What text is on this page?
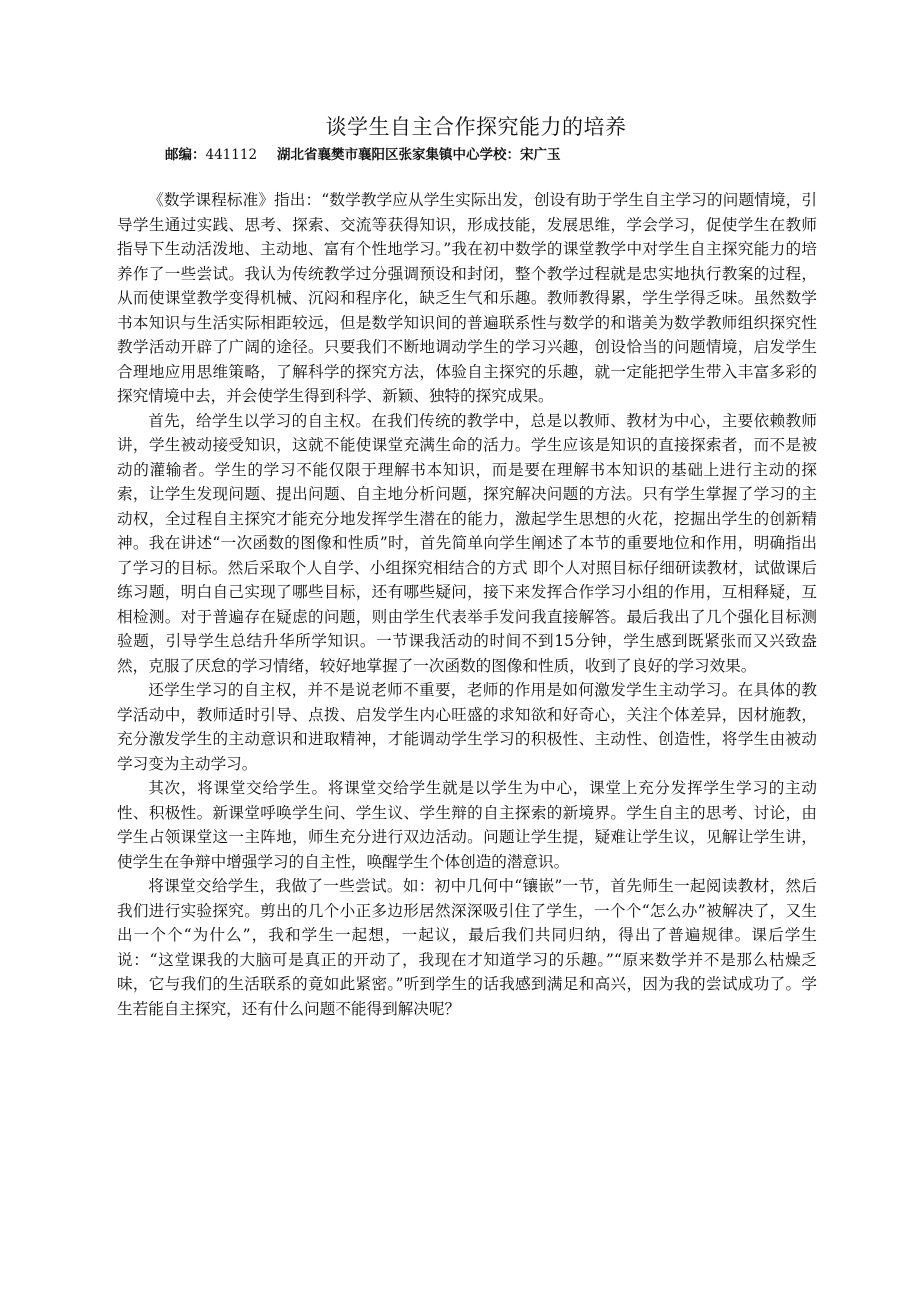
谈学生自主合作探究能力的培养
邮编：441112 湖北省襄樊市襄阳区张家集镇中心学校：宋广玉

《数学课程标准》指出：“数学教学应从学生实际出发，创设有助于学生自主学习的问题情境，引导学生通过实践、思考、探索、交流等获得知识，形成技能，发展思维，学会学习，促使学生在教师指导下生动活泼地、主动地、富有个性地学习。”我在初中数学的课堂教学中对学生自主探究能力的培养作了一些尝试。我认为传统教学过分强调预设和封闭，整个教学过程就是忠实地执行教案的过程，从而使课堂教学变得机械、沉闷和程序化，缺乏生气和乐趣。教师教得累，学生学得乏味。虽然数学书本知识与生活实际相距较远，但是数学知识间的普遍联系性与数学的和谐美为数学教师组织探究性教学活动开辟了广阔的途径。只要我们不断地调动学生的学习兴趣，创设恰当的问题情境，启发学生合理地应用思维策略，了解科学的探究方法，体验自主探究的乐趣，就一定能把学生带入丰富多彩的探究情境中去，并会使学生得到科学、新颖、独特的探究成果。

首先，给学生以学习的自主权。在我们传统的教学中，总是以教师、教材为中心，主要依赖教师讲，学生被动接受知识，这就不能使课堂充满生命的活力。学生应该是知识的直接探索者，而不是被动的灌输者。学生的学习不能仅限于理解书本知识，而是要在理解书本知识的基础上进行主动的探索，让学生发现问题、提出问题、自主地分析问题，探究解决问题的方法。只有学生掌握了学习的主动权，全过程自主探究才能充分地发挥学生潜在的能力，激起学生思想的火花，挖掘出学生的创新精神。我在讲述“一次函数的图像和性质”时，首先简单向学生阐述了本节的重要地位和作用，明确指出了学习的目标。然后采取个人自学、小组探究相结合的方式 即个人对照目标仔细研读教材，试做课后练习题，明白自己实现了哪些目标，还有哪些疑问，接下来发挥合作学习小组的作用，互相释疑，互相检测。对于普遍存在疑虑的问题，则由学生代表举手发问我直接解答。最后我出了几个强化目标测验题，引导学生总结升华所学知识。一节课我活动的时间不到15分钟，学生感到既紧张而又兴致盎然，克服了厌怠的学习情绪，较好地掌握了一次函数的图像和性质，收到了良好的学习效果。

还学生学习的自主权，并不是说老师不重要，老师的作用是如何激发学生主动学习。在具体的教学活动中，教师适时引导、点拨、启发学生内心旺盛的求知欲和好奇心，关注个体差异，因材施教，充分激发学生的主动意识和进取精神，才能调动学生学习的积极性、主动性、创造性，将学生由被动学习变为主动学习。

其次，将课堂交给学生。将课堂交给学生就是以学生为中心，课堂上充分发挥学生学习的主动性、积极性。新课堂呼唤学生问、学生议、学生辩的自主探索的新境界。学生自主的思考、讨论，由学生占领课堂这一主阵地，师生充分进行双边活动。问题让学生提，疑难让学生议，见解让学生讲，使学生在争辩中增强学习的自主性，唤醒学生个体创造的潜意识。

将课堂交给学生，我做了一些尝试。如：初中几何中“镶嵌”一节，首先师生一起阅读教材，然后我们进行实验探究。剪出的几个小正多边形居然深深吸引住了学生，一个个“怎么办”被解决了，又生出一个个“为什么”，我和学生一起想，一起议，最后我们共同归纳，得出了普遍规律。课后学生说：“这堂课我的大脑可是真正的开动了，我现在才知道学习的乐趣。”“原来数学并不是那么枯燥乏味，它与我们的生活联系的竟如此紧密。”听到学生的话我感到满足和高兴，因为我的尝试成功了。学生若能自主探究，还有什么问题不能得到解决呢？
